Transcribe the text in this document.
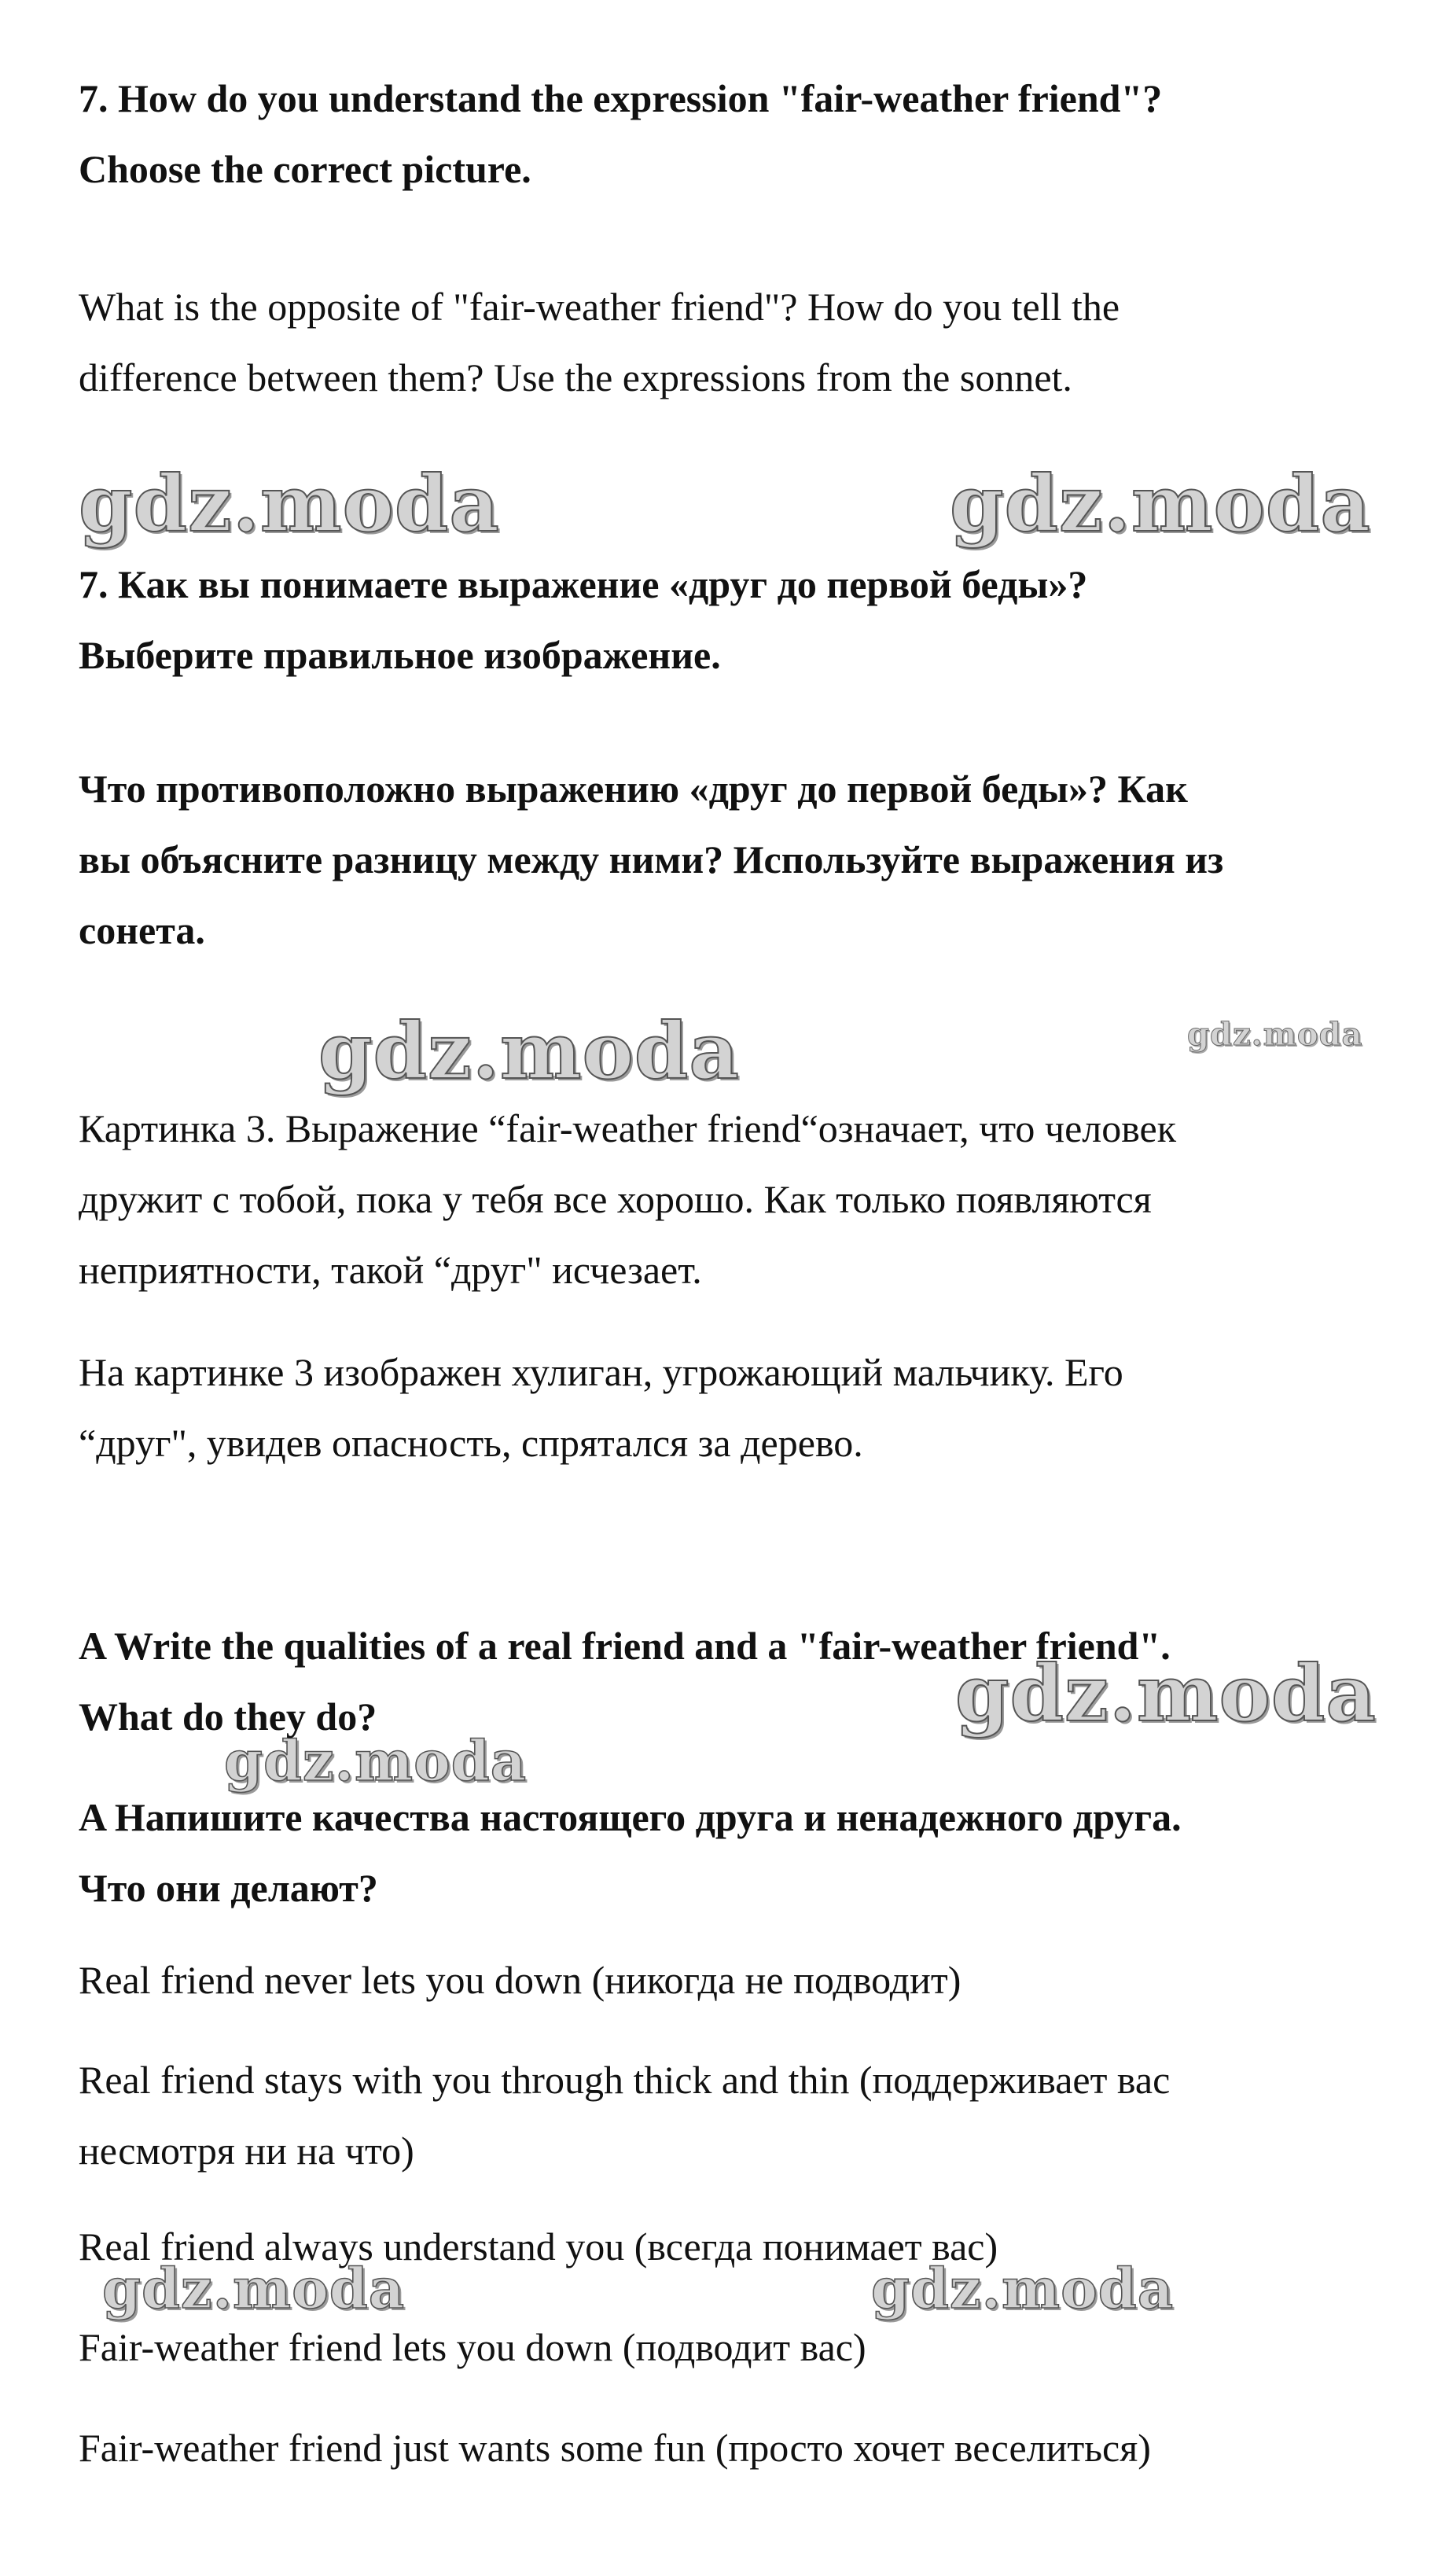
gdz.moda	gdz.moda
gdz.moda	gdz.moda
gdz.moda
gdz.moda
gdz.moda	gdz.moda
7. How do you understand the expression "fair-weather friend"?
Choose the correct picture.
What is the opposite of "fair-weather friend"? How do you tell the
difference between them? Use the expressions from the sonnet.
7. Как вы понимаете выражение «друг до первой беды»?
Выберите правильное изображение.
Что противоположно выражению «друг до первой беды»? Как
вы объясните разницу между ними? Используйте выражения из
сонета.
Картинка 3. Выражение “fair-weather friend“означает, что человек
дружит с тобой, пока у тебя все хорошо. Как только появляются
неприятности, такой “друг" исчезает.
На картинке 3 изображен хулиган, угрожающий мальчику. Его
“друг", увидев опасность, спрятался за дерево.
A Write the qualities of a real friend and a "fair-weather friend".
What do they do?
A Напишите качества настоящего друга и ненадежного друга.
Что они делают?
Real friend never lets you down (никогда не подводит)
Real friend stays with you through thick and thin (поддерживает вас
несмотря ни на что)
Real friend always understand you (всегда понимает вас)
Fair-weather friend lets you down (подводит вас)
Fair-weather friend just wants some fun (просто хочет веселиться)
